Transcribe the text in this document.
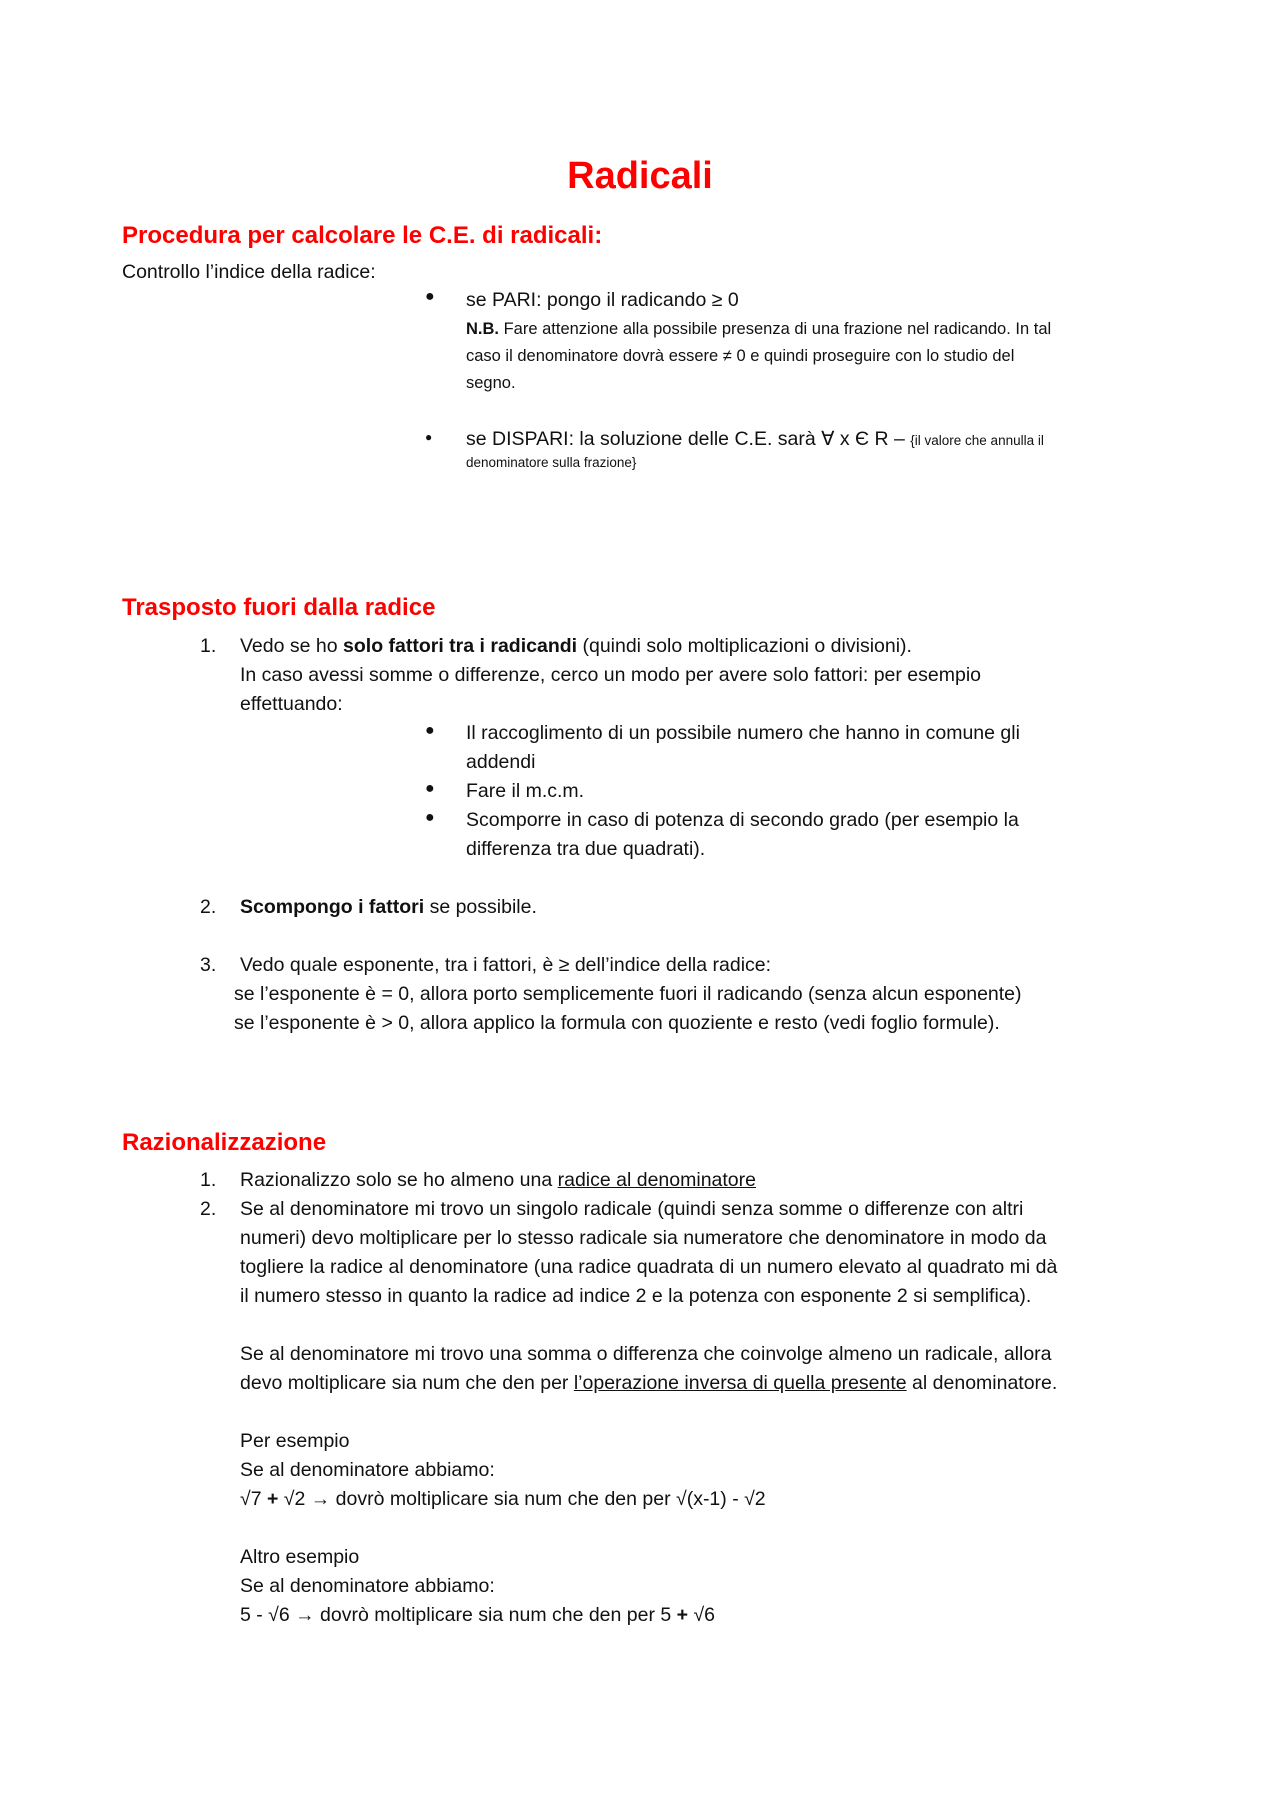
Radicali
Procedura per calcolare le C.E. di radicali:
Controllo l’indice della radice:
● se PARI: pongo il radicando ≥ 0
N.B. Fare attenzione alla possibile presenza di una frazione nel radicando. In tal
caso il denominatore dovrà essere ≠ 0 e quindi proseguire con lo studio del
segno.
● se DISPARI: la soluzione delle C.E. sarà ∀ x Є R – {il valore che annulla il
denominatore sulla frazione}
Trasposto fuori dalla radice
1. Vedo se ho solo fattori tra i radicandi (quindi solo moltiplicazioni o divisioni).
In caso avessi somme o differenze, cerco un modo per avere solo fattori: per esempio
effettuando:
● Il raccoglimento di un possibile numero che hanno in comune gli
addendi
● Fare il m.c.m.
● Scomporre in caso di potenza di secondo grado (per esempio la
differenza tra due quadrati).
2. Scompongo i fattori se possibile.
3. Vedo quale esponente, tra i fattori, è ≥ dell’indice della radice:
se l’esponente è = 0, allora porto semplicemente fuori il radicando (senza alcun esponente)
se l’esponente è > 0, allora applico la formula con quoziente e resto (vedi foglio formule).
Razionalizzazione
1. Razionalizzo solo se ho almeno una radice al denominatore
2. Se al denominatore mi trovo un singolo radicale (quindi senza somme o differenze con altri
numeri) devo moltiplicare per lo stesso radicale sia numeratore che denominatore in modo da
togliere la radice al denominatore (una radice quadrata di un numero elevato al quadrato mi dà
il numero stesso in quanto la radice ad indice 2 e la potenza con esponente 2 si semplifica).
Se al denominatore mi trovo una somma o differenza che coinvolge almeno un radicale, allora
devo moltiplicare sia num che den per l’operazione inversa di quella presente al denominatore.
Per esempio
Se al denominatore abbiamo:
√7 + √2 → dovrò moltiplicare sia num che den per √(x-1) - √2
Altro esempio
Se al denominatore abbiamo:
5 - √6 → dovrò moltiplicare sia num che den per 5 + √6
